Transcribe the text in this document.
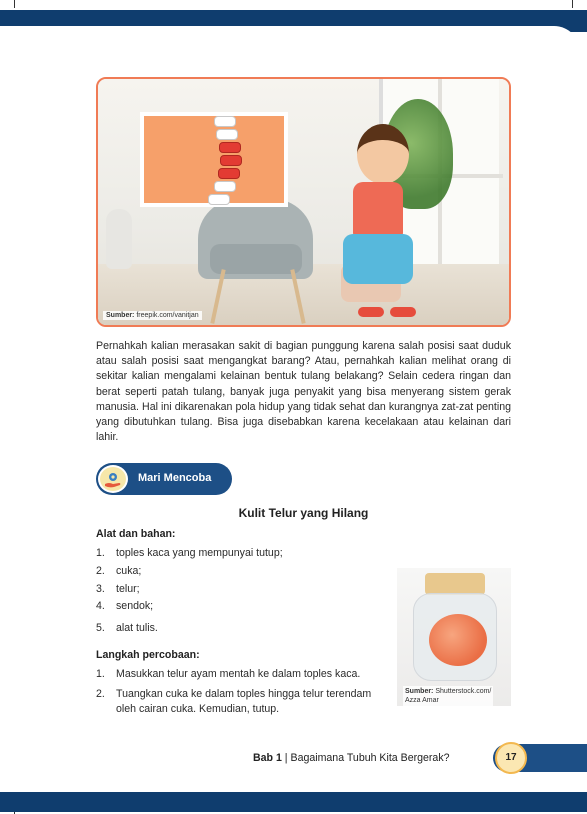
Sumber: freepik.com/vanitjan

Pernahkah kalian merasakan sakit di bagian punggung karena salah posisi saat duduk atau salah posisi saat mengangkat barang? Atau, pernahkah kalian melihat orang di sekitar kalian mengalami kelainan bentuk tulang belakang? Selain cedera ringan dan berat seperti patah tulang, banyak juga penyakit yang bisa menyerang sistem gerak manusia. Hal ini dikarenakan pola hidup yang tidak sehat dan kurangnya zat-zat penting yang dibutuhkan tulang. Bisa juga disebabkan karena kecelakaan atau kelainan dari lahir.

Mari Mencoba
Kulit Telur yang Hilang
Alat dan bahan:
1. toples kaca yang mempunyai tutup;
2. cuka;
3. telur;
4. sendok;
5. alat tulis.
Langkah percobaan:
1. Masukkan telur ayam mentah ke dalam toples kaca.
2. Tuangkan cuka ke dalam toples hingga telur terendam
oleh cairan cuka. Kemudian, tutup.
Sumber: Shutterstock.com/
Azza Amar
Bab 1 | Bagaimana Tubuh Kita Bergerak?	17
